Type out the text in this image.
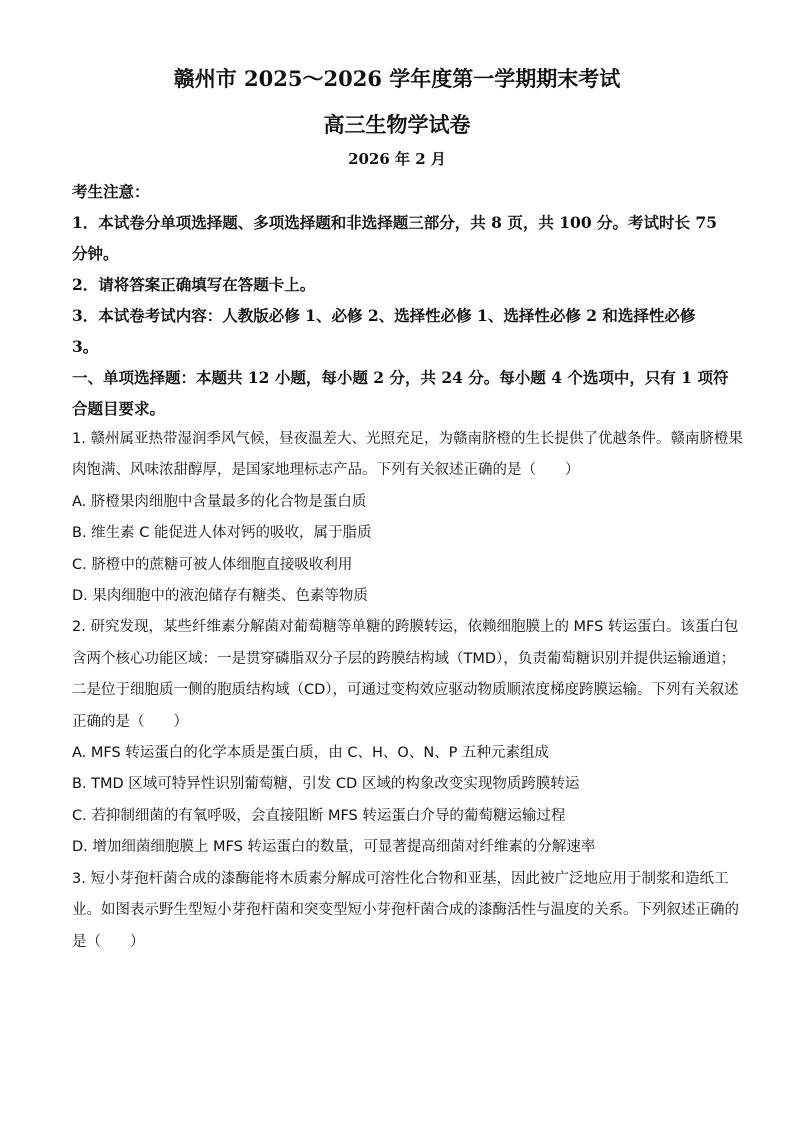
赣州市 2025～2026 学年度第一学期期末考试
高三生物学试卷
2026 年 2 月
考生注意：
1．本试卷分单项选择题、多项选择题和非选择题三部分，共 8 页，共 100 分。考试时长 75
分钟。
2．请将答案正确填写在答题卡上。
3．本试卷考试内容：人教版必修 1、必修 2、选择性必修 1、选择性必修 2 和选择性必修
3。
一、单项选择题：本题共 12 小题，每小题 2 分，共 24 分。每小题 4 个选项中，只有 1 项符
合题目要求。
1. 赣州属亚热带湿润季风气候，昼夜温差大、光照充足，为赣南脐橙的生长提供了优越条件。赣南脐橙果
肉饱满、风味浓甜醇厚，是国家地理标志产品。下列有关叙述正确的是（　　）
A. 脐橙果肉细胞中含量最多的化合物是蛋白质
B. 维生素 C 能促进人体对钙的吸收，属于脂质
C. 脐橙中的蔗糖可被人体细胞直接吸收利用
D. 果肉细胞中的液泡储存有糖类、色素等物质
2. 研究发现，某些纤维素分解菌对葡萄糖等单糖的跨膜转运，依赖细胞膜上的 MFS 转运蛋白。该蛋白包
含两个核心功能区域：一是贯穿磷脂双分子层的跨膜结构域（TMD），负责葡萄糖识别并提供运输通道；
二是位于细胞质一侧的胞质结构域（CD），可通过变构效应驱动物质顺浓度梯度跨膜运输。下列有关叙述
正确的是（　　）
A. MFS 转运蛋白的化学本质是蛋白质，由 C、H、O、N、P 五种元素组成
B. TMD 区域可特异性识别葡萄糖，引发 CD 区域的构象改变实现物质跨膜转运
C. 若抑制细菌的有氧呼吸，会直接阻断 MFS 转运蛋白介导的葡萄糖运输过程
D. 增加细菌细胞膜上 MFS 转运蛋白的数量，可显著提高细菌对纤维素的分解速率
3. 短小芽孢杆菌合成的漆酶能将木质素分解成可溶性化合物和亚基，因此被广泛地应用于制浆和造纸工
业。如图表示野生型短小芽孢杆菌和突变型短小芽孢杆菌合成的漆酶活性与温度的关系。下列叙述正确的
是（　　）
